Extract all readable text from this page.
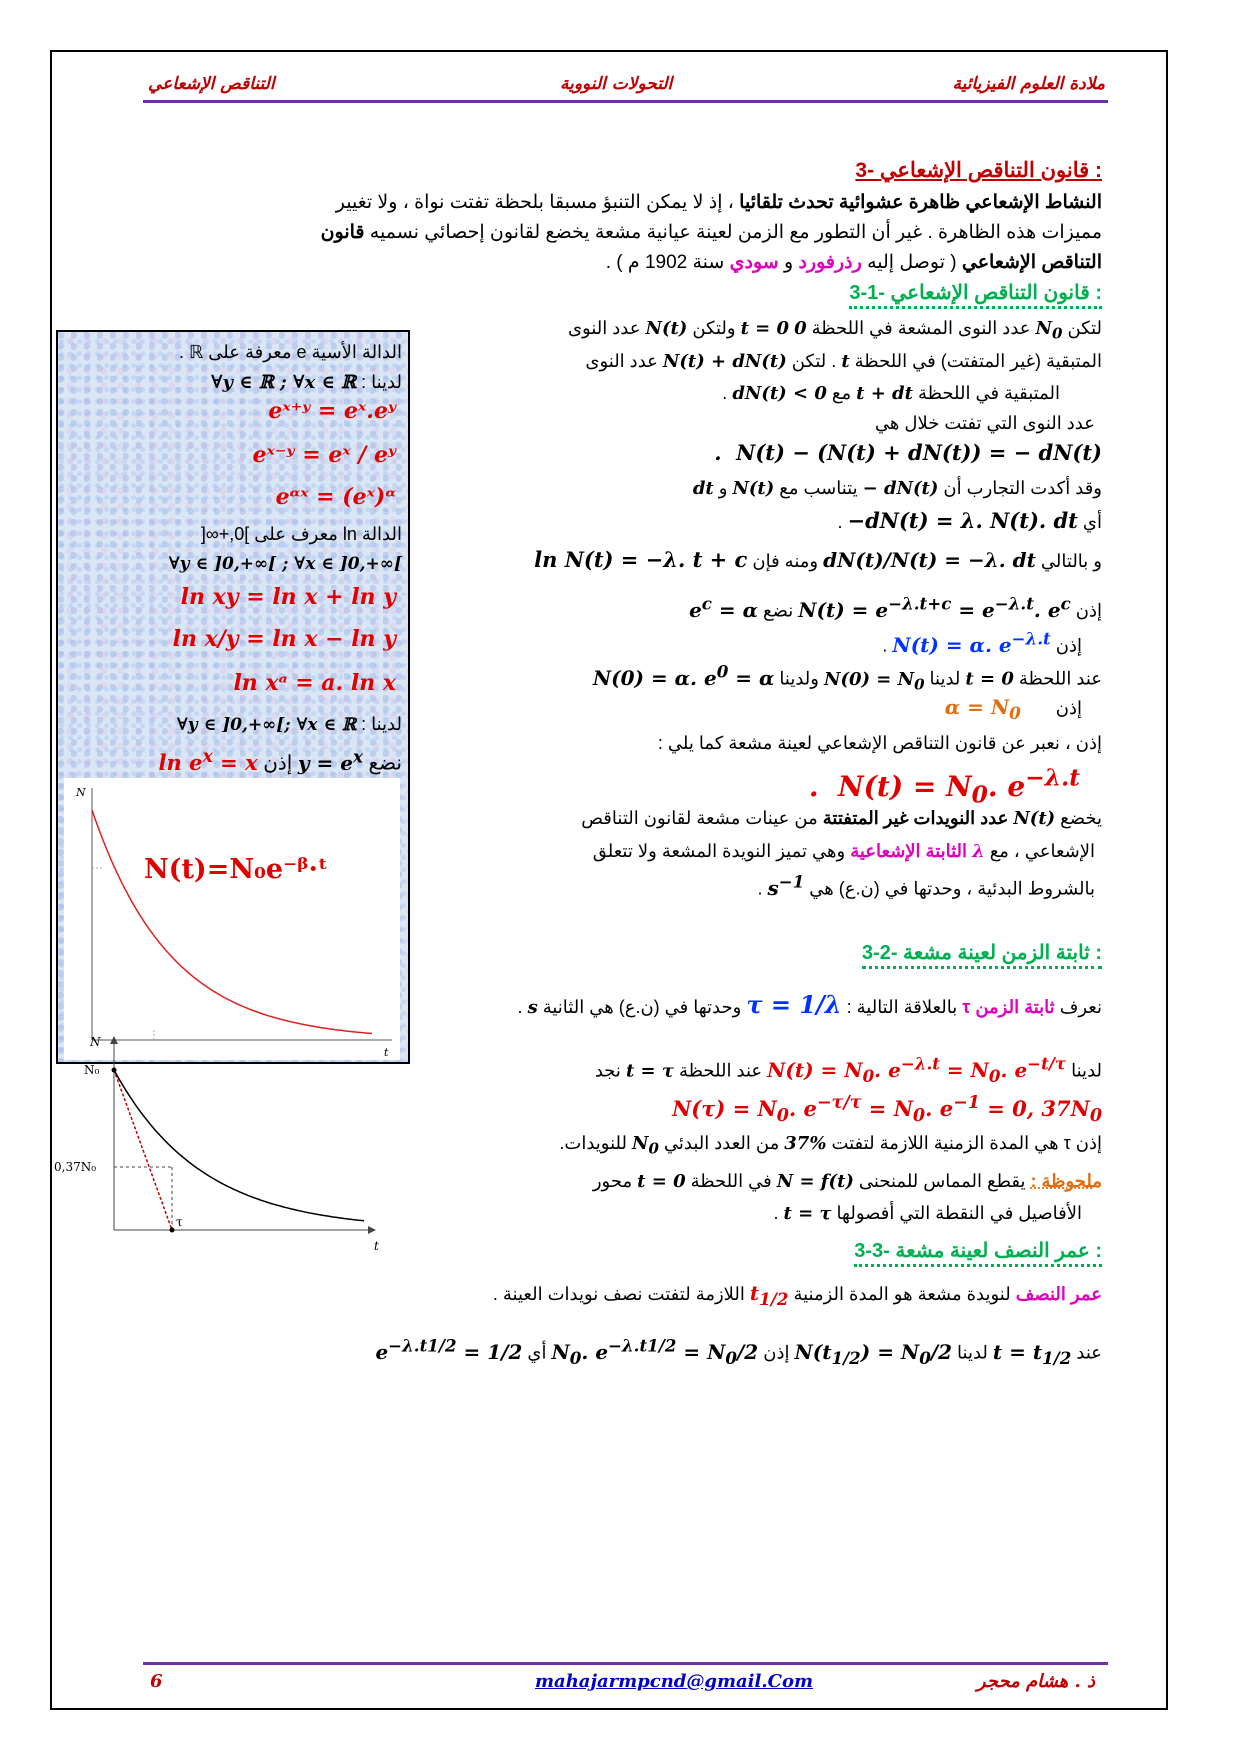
ملادة العلوم الفيزيائية
التحولات النووية
التناقص الإشعاعي
3- قانون التناقص الإشعاعي :
النشاط الإشعاعي ظاهرة عشوائية تحدث تلقائيا ، إذ لا يمكن التنبؤ مسبقا بلحظة تفتت نواة ، ولا تغيير
مميزات هذه الظاهرة . غير أن التطور مع الزمن لعينة عيانية مشعة يخضع لقانون إحصائي نسميه قانون
التناقص الإشعاعي ( توصل إليه رذرفورد و سودي سنة 1902 م ) .
3-1- قانون التناقص الإشعاعي :
لتكن $N_0$ عدد النوى المشعة في اللحظة 0 t = 0 ولتكن N(t) عدد النوى
المتبقية (غير المتفتت) في اللحظة t . لتكن N(t) + dN(t) عدد النوى
المتبقية في اللحظة t + dt مع dN(t) < 0 .
عدد النوى التي تفتت خلال هي
.  N(t) − (N(t) + dN(t)) = − dN(t)
وقد أكدت التجارب أن − dN(t) يتناسب مع N(t) و dt
أي −dN(t) = λ. N(t). dt .
و بالتالي dN(t)/N(t) = −λ. dt ومنه فإن ln N(t) = −λ. t + c
إذن $N(t) = e^{-\lambda.t+c} = e^{-\lambda.t}$. $e^c$ نضع $e^c = \alpha$
إذن N(t) = α. $e^{-\lambda.t}$ .
عند اللحظة t = 0 لدينا $N(0) = N_0$ ولدينا N(0) = α. $e^0 = \alpha$
إذن       $\alpha = N_0$
إذن ، نعبر عن قانون التناقص الإشعاعي لعينة مشعة كما يلي :
.  $N(t) = N_0$. $e^{-\lambda.t}$
يخضع N(t) عدد النويدات غير المتفتتة من عينات مشعة لقانون التناقص
الإشعاعي ، مع λ الثابتة الإشعاعية وهي تميز النويدة المشعة ولا تتعلق
بالشروط البدئية ، وحدتها في (ن.ع) هي $s^{-1}$ .
الدالة الأسية e معرفة على ℝ .
لدينا : ∀𝒚 ∈ ℝ ; ∀𝒙 ∈ ℝ
eˣ⁺ʸ = eˣ.eʸ
eˣ⁻ʸ = eˣ / eʸ
eᵅˣ = (eˣ)ᵅ
الدالة ln معرف على ]0,+∞[
∀𝒚 ∈ ]0,+∞[ ; ∀𝒙 ∈ ]0,+∞[
ln xy = ln x + ln y
ln x/y = ln x − ln y
ln xᵃ = a. ln x
لدينا : ∀𝒚 ∈ ]0,+∞[; ∀𝒙 ∈ ℝ
نضع 𝒚 = $e^𝒙$ إذن $\ln e^x = x$
N
t
N(t)=N₀e⁻ᵝ·ᵗ
3-2- ثابتة الزمن لعينة مشعة :
نعرف ثابتة الزمن τ بالعلاقة التالية : τ = 1/λ وحدتها في (ن.ع) هي الثانية s .
لدينا $N(t) = N_0$. $e^{-\lambda.t} = N_0$. $e^{-t/\tau}$ عند اللحظة t = τ نجد
$N(\tau) = N_0$. $e^{-\tau/\tau} = N_0$. $e^{-1} = 0$, $37N_0$
إذن τ هي المدة الزمنية اللازمة لتفتت 37% من العدد البدئي $N_0$ للنويدات.
ملحوظة : يقطع المماس للمنحنى N = f(t) في اللحظة t = 0 محور
الأفاصيل في النقطة التي أفصولها t = τ .
N
N₀
0,37N₀
τ
t	3-3- عمر النصف لعينة مشعة :
عمر النصف لنويدة مشعة هو المدة الزمنية $t_{1/2}$ اللازمة لتفتت نصف نويدات العينة .
عند $t = t_{1/2}$ لدينا $N(t_{1/2}) = N_0/2$ إذن $N_0$. $e^{-\lambda.t1/2} = N_0/2$ أي $e^{-\lambda.t1/2} = 1/2$
ذ . هشام محجر
mahajarmpcnd@gmail.Com
6
